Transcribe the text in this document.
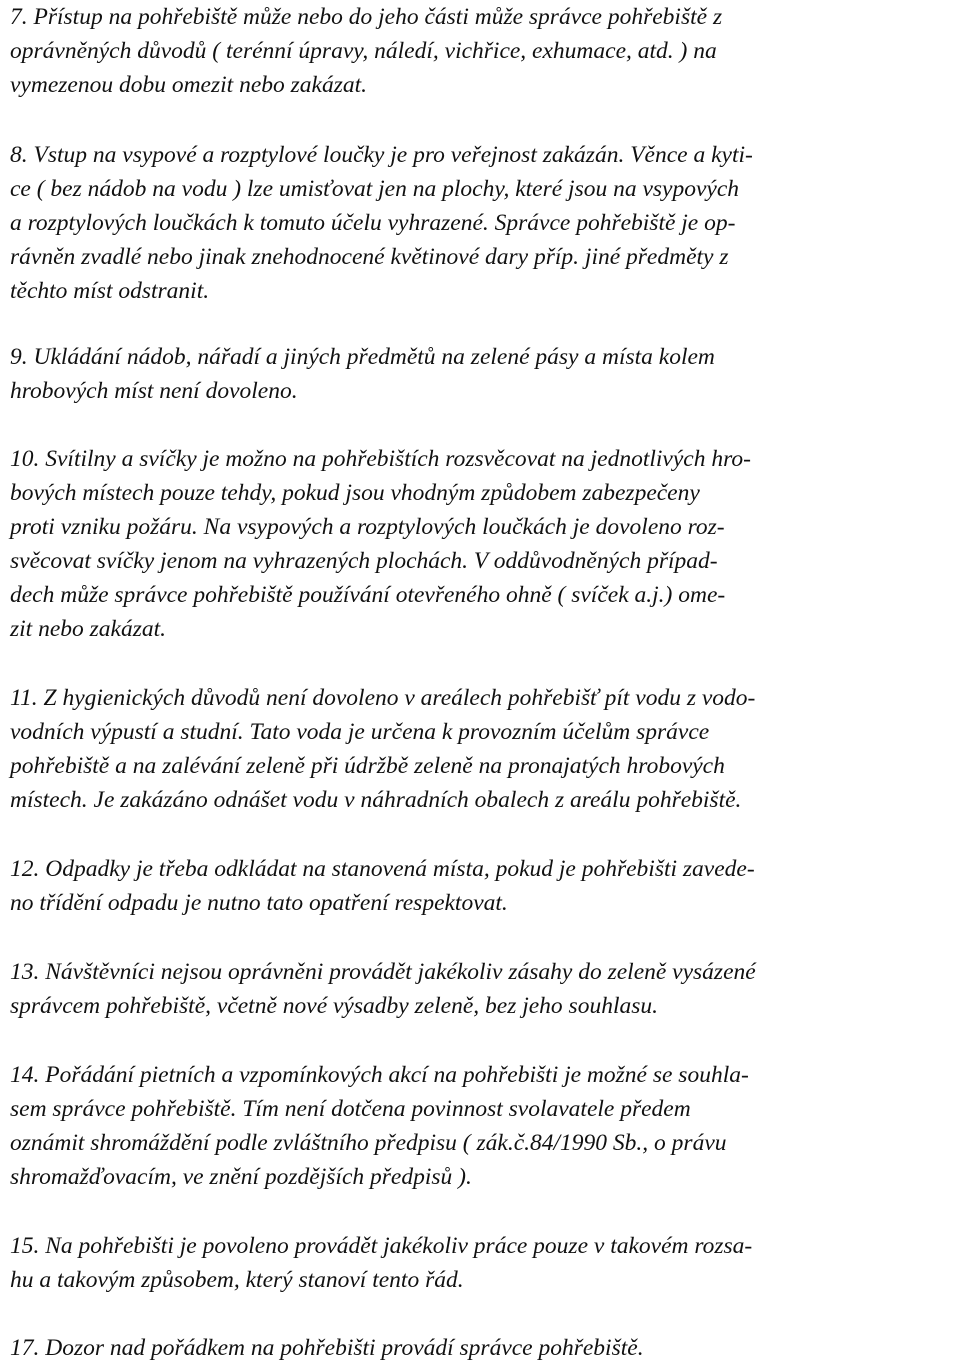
7. Přístup na pohřebiště může nebo do jeho části může správce pohřebiště z
oprávněných důvodů ( terénní úpravy, náledí, vichřice, exhumace, atd. ) na
vymezenou dobu omezit nebo zakázat.
8. Vstup na vsypové a rozptylové loučky je pro veřejnost zakázán. Věnce a kyti-
ce ( bez nádob na vodu ) lze umisťovat jen na plochy, které jsou na vsypových
a rozptylových loučkách k tomuto účelu vyhrazené. Správce pohřebiště je op-
rávněn zvadlé nebo jinak znehodnocené květinové dary příp. jiné předměty z
těchto míst odstranit.
9. Ukládání nádob, nářadí a jiných předmětů na zelené pásy a místa kolem
hrobových míst není dovoleno.
10. Svítilny a svíčky je možno na pohřebištích rozsvěcovat na jednotlivých hro-
bových místech pouze tehdy, pokud jsou vhodným způdobem zabezpečeny
proti vzniku požáru. Na vsypových a rozptylových loučkách je dovoleno roz-
svěcovat svíčky jenom na vyhrazených plochách. V oddůvodněných případ-
dech může správce pohřebiště používání otevřeného ohně ( svíček a.j.) ome-
zit nebo zakázat.
11. Z hygienických důvodů není dovoleno v areálech pohřebišť pít vodu z vodo-
vodních výpustí a studní. Tato voda je určena k provozním účelům správce
pohřebiště a na zalévání zeleně při údržbě zeleně na pronajatých hrobových
místech. Je zakázáno odnášet vodu v náhradních obalech z areálu pohřebiště.
12. Odpadky je třeba odkládat na stanovená místa, pokud je pohřebišti zavede-
no třídění odpadu je nutno tato opatření respektovat.
13. Návštěvníci nejsou oprávněni provádět jakékoliv zásahy do zeleně vysázené
správcem pohřebiště, včetně nové výsadby zeleně, bez jeho souhlasu.
14. Pořádání pietních a vzpomínkových akcí na pohřebišti je možné se souhla-
sem správce pohřebiště. Tím není dotčena povinnost svolavatele předem
oznámit shromáždění podle zvláštního předpisu ( zák.č.84/1990 Sb., o právu
shromažďovacím, ve znění pozdějších předpisů ).
15. Na pohřebišti je povoleno provádět jakékoliv práce pouze v takovém rozsa-
hu a takovým způsobem, který stanoví tento řád.
17. Dozor nad pořádkem na pohřebišti provádí správce pohřebiště.
